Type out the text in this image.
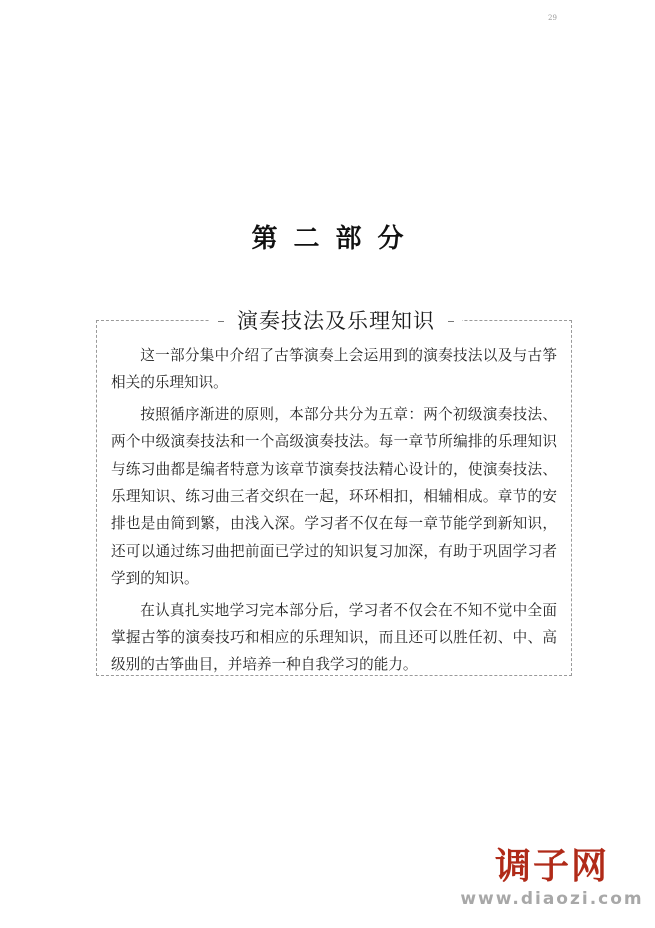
29
第二部分
演奏技法及乐理知识

这一部分集中介绍了古筝演奏上会运用到的演奏技法以及与古筝相关的乐理知识。

按照循序渐进的原则，本部分共分为五章：两个初级演奏技法、两个中级演奏技法和一个高级演奏技法。每一章节所编排的乐理知识与练习曲都是编者特意为该章节演奏技法精心设计的，使演奏技法、乐理知识、练习曲三者交织在一起，环环相扣，相辅相成。章节的安排也是由简到繁，由浅入深。学习者不仅在每一章节能学到新知识，还可以通过练习曲把前面已学过的知识复习加深，有助于巩固学习者学到的知识。

在认真扎实地学习完本部分后，学习者不仅会在不知不觉中全面掌握古筝的演奏技巧和相应的乐理知识，而且还可以胜任初、中、高级别的古筝曲目，并培养一种自我学习的能力。

调子网
www.diaozi.com
